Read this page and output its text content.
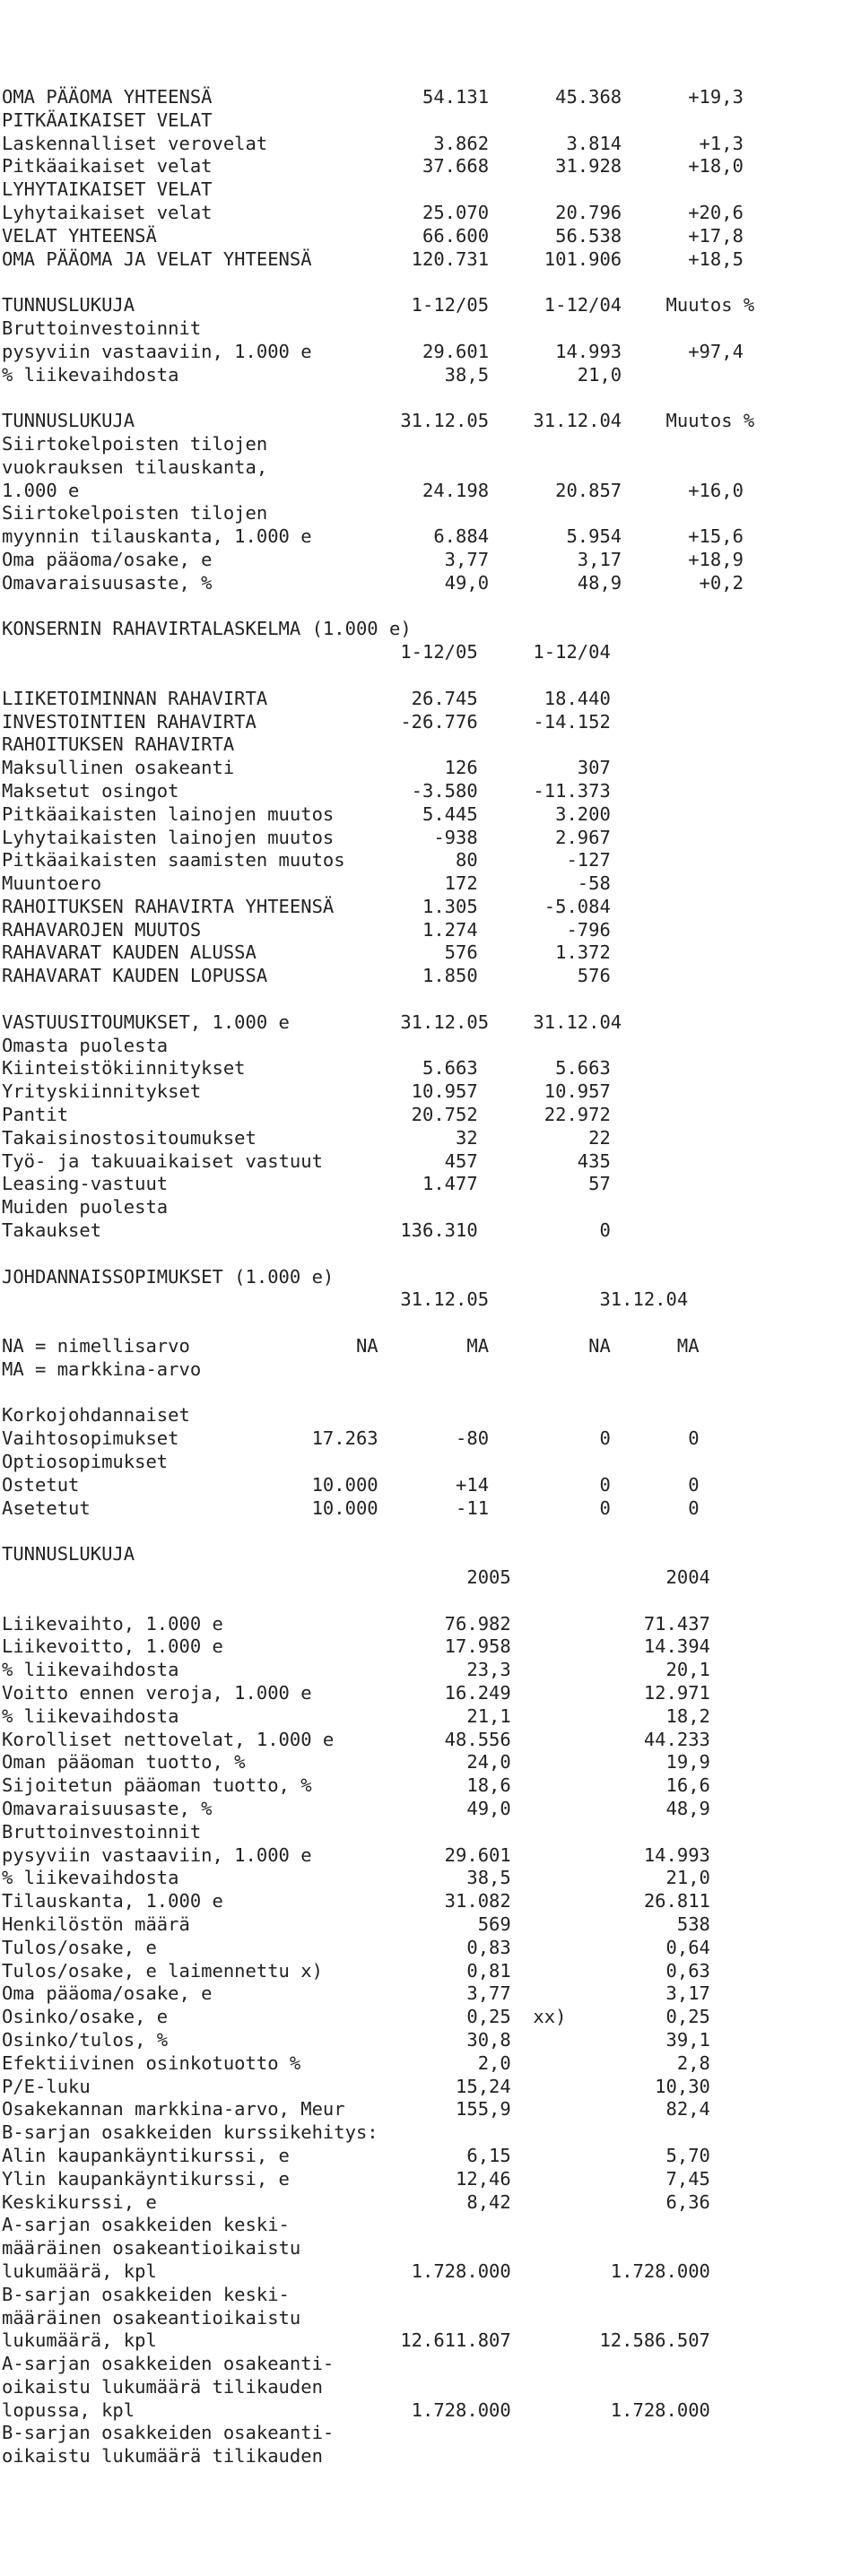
OMA PÄÄOMA YHTEENSÄ                   54.131      45.368      +19,3
PITKÄAIKAISET VELAT
Laskennalliset verovelat               3.862       3.814       +1,3
Pitkäaikaiset velat                   37.668      31.928      +18,0
LYHYTAIKAISET VELAT
Lyhytaikaiset velat                   25.070      20.796      +20,6
VELAT YHTEENSÄ                        66.600      56.538      +17,8
OMA PÄÄOMA JA VELAT YHTEENSÄ         120.731     101.906      +18,5
TUNNUSLUKUJA                         1-12/05     1-12/04    Muutos %
Bruttoinvestoinnit
pysyviin vastaaviin, 1.000 e          29.601      14.993      +97,4
% liikevaihdosta                        38,5        21,0
TUNNUSLUKUJA                        31.12.05    31.12.04    Muutos %
Siirtokelpoisten tilojen
vuokrauksen tilauskanta,
1.000 e                               24.198      20.857      +16,0
Siirtokelpoisten tilojen
myynnin tilauskanta, 1.000 e           6.884       5.954      +15,6
Oma pääoma/osake, e                     3,77        3,17      +18,9
Omavaraisuusaste, %                     49,0        48,9       +0,2
KONSERNIN RAHAVIRTALASKELMA (1.000 e)
1-12/05     1-12/04
LIIKETOIMINNAN RAHAVIRTA             26.745      18.440
INVESTOINTIEN RAHAVIRTA             -26.776     -14.152
RAHOITUKSEN RAHAVIRTA
Maksullinen osakeanti                   126         307
Maksetut osingot                     -3.580     -11.373
Pitkäaikaisten lainojen muutos        5.445       3.200
Lyhytaikaisten lainojen muutos         -938       2.967
Pitkäaikaisten saamisten muutos          80        -127
Muuntoero                               172         -58
RAHOITUKSEN RAHAVIRTA YHTEENSÄ        1.305      -5.084
RAHAVAROJEN MUUTOS                    1.274        -796
RAHAVARAT KAUDEN ALUSSA                 576       1.372
RAHAVARAT KAUDEN LOPUSSA              1.850         576
VASTUUSITOUMUKSET, 1.000 e          31.12.05    31.12.04
Omasta puolesta
Kiinteistökiinnitykset                5.663       5.663
Yrityskiinnitykset                   10.957      10.957
Pantit                               20.752      22.972
Takaisinostositoumukset                  32          22
Työ- ja takuuaikaiset vastuut           457         435
Leasing-vastuut                       1.477          57
Muiden puolesta
Takaukset                           136.310           0
JOHDANNAISSOPIMUKSET (1.000 e)
31.12.05          31.12.04
NA = nimellisarvo               NA        MA         NA      MA
MA = markkina-arvo
Korkojohdannaiset
Vaihtosopimukset            17.263       -80          0       0
Optiosopimukset
Ostetut                     10.000       +14          0       0
Asetetut                    10.000       -11          0       0
TUNNUSLUKUJA
2005              2004
Liikevaihto, 1.000 e                    76.982            71.437
Liikevoitto, 1.000 e                    17.958            14.394
% liikevaihdosta                          23,3              20,1
Voitto ennen veroja, 1.000 e            16.249            12.971
% liikevaihdosta                          21,1              18,2
Korolliset nettovelat, 1.000 e          48.556            44.233
Oman pääoman tuotto, %                    24,0              19,9
Sijoitetun pääoman tuotto, %              18,6              16,6
Omavaraisuusaste, %                       49,0              48,9
Bruttoinvestoinnit
pysyviin vastaaviin, 1.000 e            29.601            14.993
% liikevaihdosta                          38,5              21,0
Tilauskanta, 1.000 e                    31.082            26.811
Henkilöstön määrä                          569               538
Tulos/osake, e                            0,83              0,64
Tulos/osake, e laimennettu x)             0,81              0,63
Oma pääoma/osake, e                       3,77              3,17
Osinko/osake, e                           0,25  xx)         0,25
Osinko/tulos, %                           30,8              39,1
Efektiivinen osinkotuotto %                2,0               2,8
P/E-luku                                 15,24             10,30
Osakekannan markkina-arvo, Meur          155,9              82,4
B-sarjan osakkeiden kurssikehitys:
Alin kaupankäyntikurssi, e                6,15              5,70
Ylin kaupankäyntikurssi, e               12,46              7,45
Keskikurssi, e                            8,42              6,36
A-sarjan osakkeiden keski-
määräinen osakeantioikaistu
lukumäärä, kpl                       1.728.000         1.728.000
B-sarjan osakkeiden keski-
määräinen osakeantioikaistu
lukumäärä, kpl                      12.611.807        12.586.507
A-sarjan osakkeiden osakeanti-
oikaistu lukumäärä tilikauden
lopussa, kpl                         1.728.000         1.728.000
B-sarjan osakkeiden osakeanti-
oikaistu lukumäärä tilikauden
